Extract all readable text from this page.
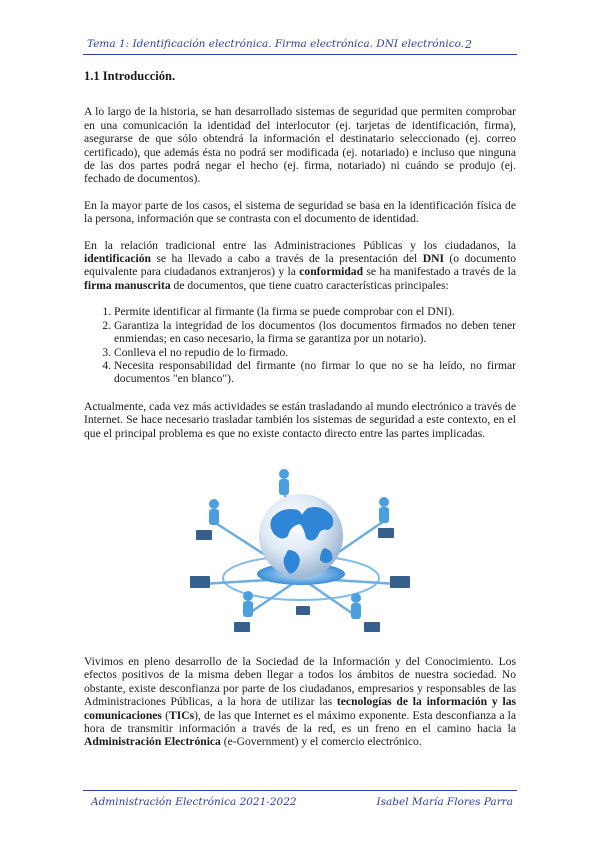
Tema 1: Identificación electrónica. Firma electrónica. DNI electrónico. 2
1.1 Introducción.

A lo largo de la historia, se han desarrollado sistemas de seguridad que permiten comprobar en una comunicación la identidad del interlocutor (ej. tarjetas de identificación, firma), asegurarse de que sólo obtendrá la información el destinatario seleccionado (ej. correo certificado), que además ésta no podrá ser modificada (ej. notariado) e incluso que ninguna de las dos partes podrá negar el hecho (ej. firma, notariado) ni cuándo se produjo (ej. fechado de documentos).

En la mayor parte de los casos, el sistema de seguridad se basa en la identificación física de la persona, información que se contrasta con el documento de identidad.

En la relación tradicional entre las Administraciones Públicas y los ciudadanos, la identificación se ha llevado a cabo a través de la presentación del DNI (o documento equivalente para ciudadanos extranjeros) y la conformidad se ha manifestado a través de la firma manuscrita de documentos, que tiene cuatro características principales:

1. Permite identificar al firmante (la firma se puede comprobar con el DNI).
2. Garantiza la integridad de los documentos (los documentos firmados no deben tener enmiendas; en caso necesario, la firma se garantiza por un notario).
3. Conlleva el no repudio de lo firmado.
4. Necesita responsabilidad del firmante (no firmar lo que no se ha leído, no firmar documentos "en blanco").

Actualmente, cada vez más actividades se están trasladando al mundo electrónico a través de Internet. Se hace necesario trasladar también los sistemas de seguridad a este contexto, en el que el principal problema es que no existe contacto directo entre las partes implicadas.

Vivimos en pleno desarrollo de la Sociedad de la Información y del Conocimiento. Los efectos positivos de la misma deben llegar a todos los ámbitos de nuestra sociedad. No obstante, existe desconfianza por parte de los ciudadanos, empresarios y responsables de las Administraciones Públicas, a la hora de utilizar las tecnologías de la información y las comunicaciones (TICs), de las que Internet es el máximo exponente. Esta desconfianza a la hora de transmitir información a través de la red, es un freno en el camino hacia la Administración Electrónica (e-Government) y el comercio electrónico.

Administración Electrónica 2021-2022	Isabel María Flores Parra
